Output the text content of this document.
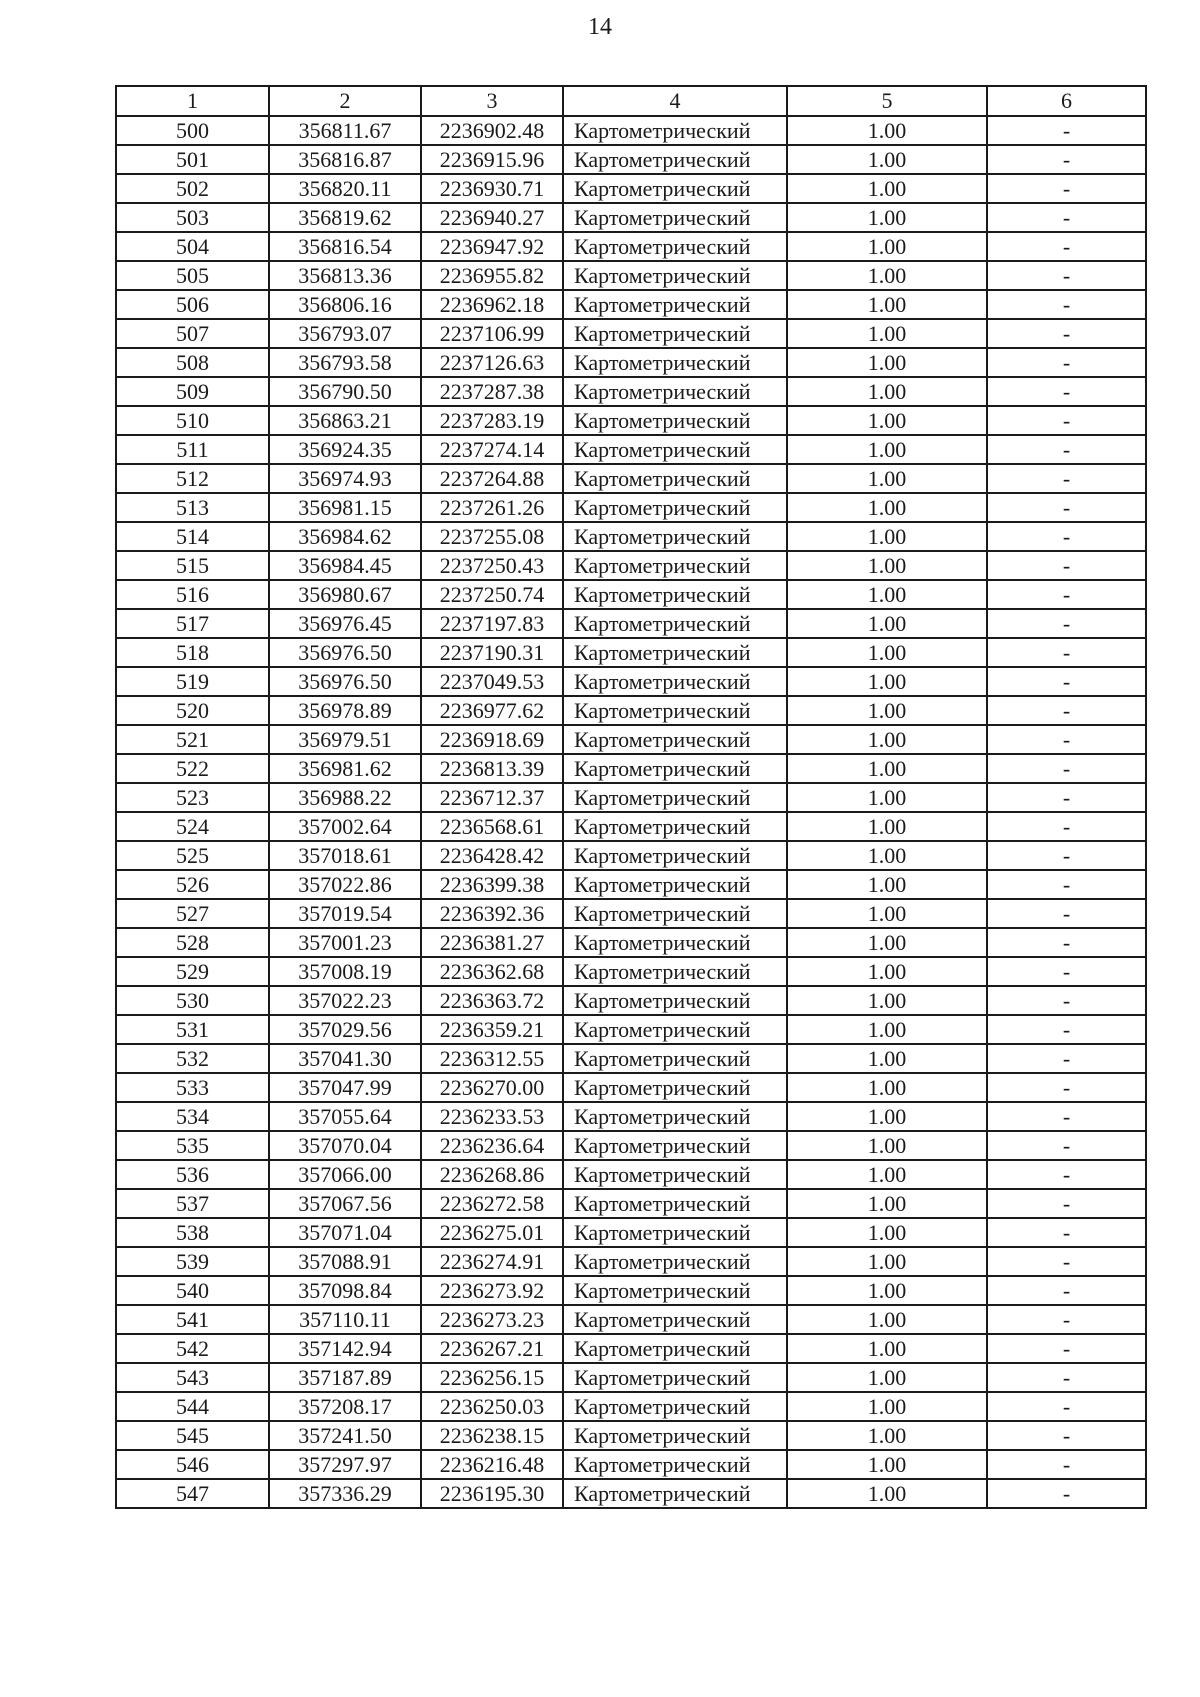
14
1	2	3	4	5	6
500	356811.67	2236902.48	Картометрический	1.00	-
501	356816.87	2236915.96	Картометрический	1.00	-
502	356820.11	2236930.71	Картометрический	1.00	-
503	356819.62	2236940.27	Картометрический	1.00	-
504	356816.54	2236947.92	Картометрический	1.00	-
505	356813.36	2236955.82	Картометрический	1.00	-
506	356806.16	2236962.18	Картометрический	1.00	-
507	356793.07	2237106.99	Картометрический	1.00	-
508	356793.58	2237126.63	Картометрический	1.00	-
509	356790.50	2237287.38	Картометрический	1.00	-
510	356863.21	2237283.19	Картометрический	1.00	-
511	356924.35	2237274.14	Картометрический	1.00	-
512	356974.93	2237264.88	Картометрический	1.00	-
513	356981.15	2237261.26	Картометрический	1.00	-
514	356984.62	2237255.08	Картометрический	1.00	-
515	356984.45	2237250.43	Картометрический	1.00	-
516	356980.67	2237250.74	Картометрический	1.00	-
517	356976.45	2237197.83	Картометрический	1.00	-
518	356976.50	2237190.31	Картометрический	1.00	-
519	356976.50	2237049.53	Картометрический	1.00	-
520	356978.89	2236977.62	Картометрический	1.00	-
521	356979.51	2236918.69	Картометрический	1.00	-
522	356981.62	2236813.39	Картометрический	1.00	-
523	356988.22	2236712.37	Картометрический	1.00	-
524	357002.64	2236568.61	Картометрический	1.00	-
525	357018.61	2236428.42	Картометрический	1.00	-
526	357022.86	2236399.38	Картометрический	1.00	-
527	357019.54	2236392.36	Картометрический	1.00	-
528	357001.23	2236381.27	Картометрический	1.00	-
529	357008.19	2236362.68	Картометрический	1.00	-
530	357022.23	2236363.72	Картометрический	1.00	-
531	357029.56	2236359.21	Картометрический	1.00	-
532	357041.30	2236312.55	Картометрический	1.00	-
533	357047.99	2236270.00	Картометрический	1.00	-
534	357055.64	2236233.53	Картометрический	1.00	-
535	357070.04	2236236.64	Картометрический	1.00	-
536	357066.00	2236268.86	Картометрический	1.00	-
537	357067.56	2236272.58	Картометрический	1.00	-
538	357071.04	2236275.01	Картометрический	1.00	-
539	357088.91	2236274.91	Картометрический	1.00	-
540	357098.84	2236273.92	Картометрический	1.00	-
541	357110.11	2236273.23	Картометрический	1.00	-
542	357142.94	2236267.21	Картометрический	1.00	-
543	357187.89	2236256.15	Картометрический	1.00	-
544	357208.17	2236250.03	Картометрический	1.00	-
545	357241.50	2236238.15	Картометрический	1.00	-
546	357297.97	2236216.48	Картометрический	1.00	-
547	357336.29	2236195.30	Картометрический	1.00	-
